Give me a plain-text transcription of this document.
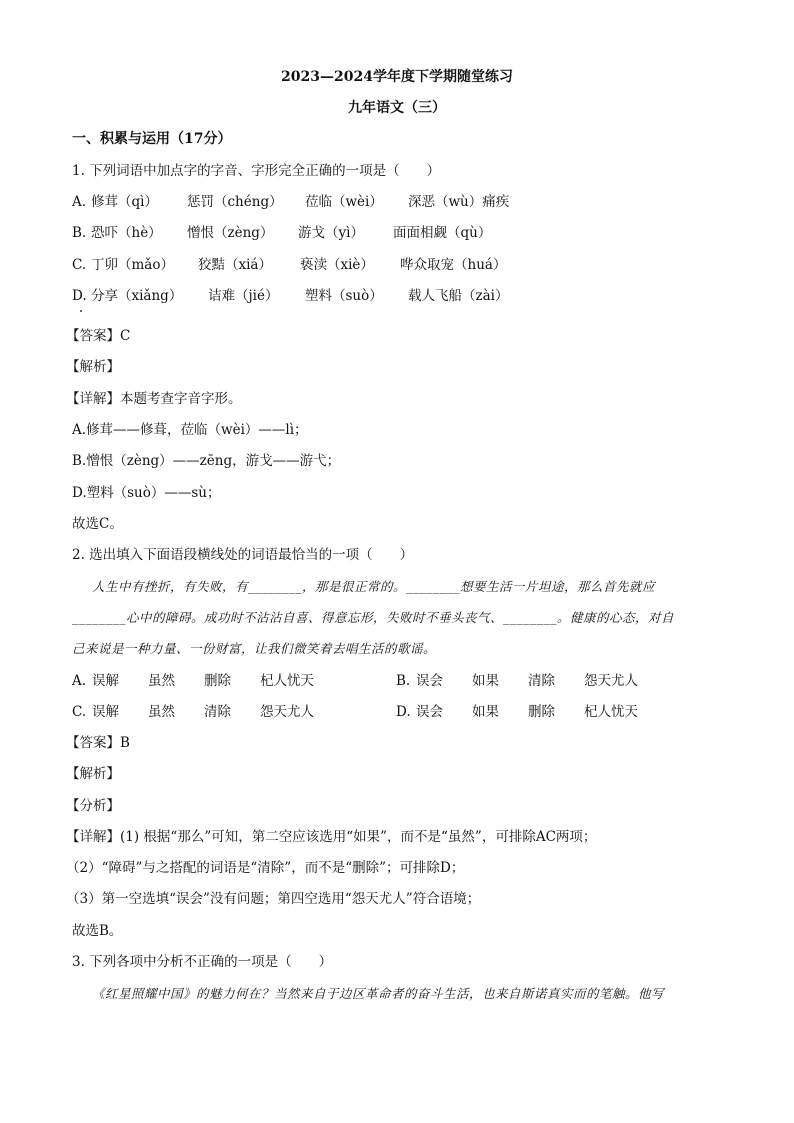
2023—2024学年度下学期随堂练习
九年语文（三）
一、积累与运用（17分）
1. 下列词语中加点字的字音、字形完全正确的一项是（　　）
A. 修茸（qì） 惩罚（chéng） 莅临（wèi） 深恶（wù）痛疾
B. 恐吓（hè） 憎恨（zèng） 游戈（yì） 面面相觑（qù）
C. 丁卯（mǎo） 狡黠（xiá） 亵渎（xiè） 哗众取宠（huá）
D. 分享（xiǎng） 诘难（jié） 塑料（suò） 载人飞船（zài）
【答案】C
【解析】
【详解】本题考查字音字形。
A.修茸——修葺，莅临（wèi）——lì；
B.憎恨（zèng）——zēng，游戈——游弋；
D.塑料（suò）——sù；
故选C。
2. 选出填入下面语段横线处的词语最恰当的一项（　　）
人生中有挫折，有失败，有________，那是很正常的。________想要生活一片坦途，那么首先就应
________心中的障碍。成功时不沾沾自喜、得意忘形，失败时不垂头丧气、________。健康的心态，对自
己来说是一种力量、一份财富，让我们微笑着去唱生活的歌谣。
A. 误解 虽然 删除 杞人忧天	B. 误会 如果 清除 怨天尤人
C. 误解 虽然 清除 怨天尤人	D. 误会 如果 删除 杞人忧天
【答案】B
【解析】
【分析】
【详解】(1) 根据“那么”可知，第二空应该选用“如果”，而不是“虽然”，可排除AC两项；
（2）“障碍”与之搭配的词语是“清除”，而不是“删除”；可排除D；
（3）第一空选填“误会”没有问题；第四空选用“怨天尤人”符合语境；
故选B。
3. 下列各项中分析不正确的一项是（　　）
《红星照耀中国》的魅力何在？当然来自于边区革命者的奋斗生活，也来自斯诺真实而的笔触。他写
